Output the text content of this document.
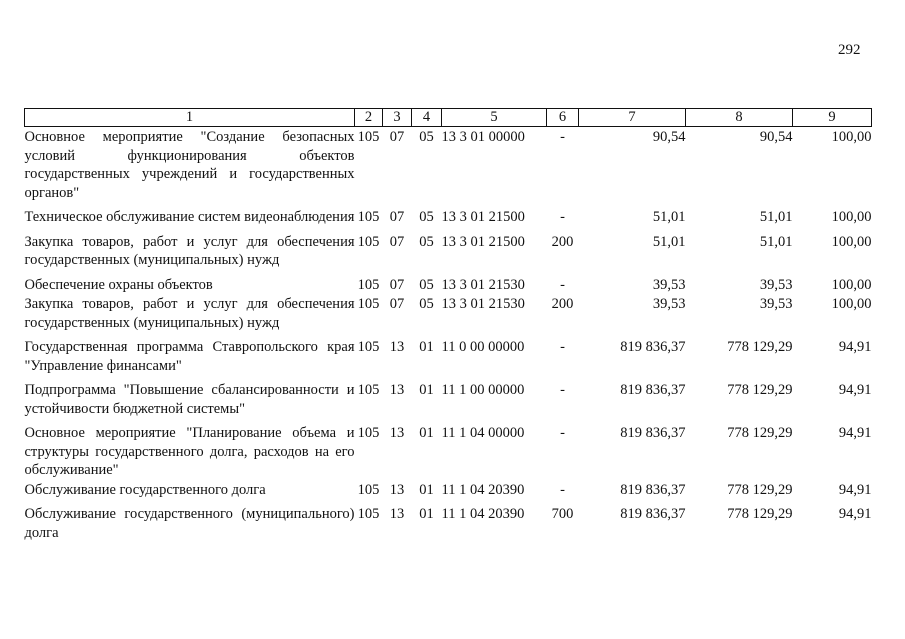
292
1	2	3	4	5	6	7	8	9
Основное мероприятие "Создание безопасных условий функционирования объектов государственных учреждений и государственных органов"	105	07	05	13 3 01 00000	-	90,54	90,54	100,00
Техническое обслуживание систем видеонаблюдения	105	07	05	13 3 01 21500	-	51,01	51,01	100,00
Закупка товаров, работ и услуг для обеспечения государственных (муниципальных) нужд	105	07	05	13 3 01 21500	200	51,01	51,01	100,00
Обеспечение охраны объектов	105	07	05	13 3 01 21530	-	39,53	39,53	100,00
Закупка товаров, работ и услуг для обеспечения государственных (муниципальных) нужд	105	07	05	13 3 01 21530	200	39,53	39,53	100,00
Государственная программа Ставропольского края "Управление финансами"	105	13	01	11 0 00 00000	-	819 836,37	778 129,29	94,91
Подпрограмма "Повышение сбалансированности и устойчивости бюджетной системы"	105	13	01	11 1 00 00000	-	819 836,37	778 129,29	94,91
Основное мероприятие "Планирование объема и структуры государственного долга, расходов на его обслуживание"	105	13	01	11 1 04 00000	-	819 836,37	778 129,29	94,91
Обслуживание государственного долга	105	13	01	11 1 04 20390	-	819 836,37	778 129,29	94,91
Обслуживание государственного (муниципального) долга	105	13	01	11 1 04 20390	700	819 836,37	778 129,29	94,91
